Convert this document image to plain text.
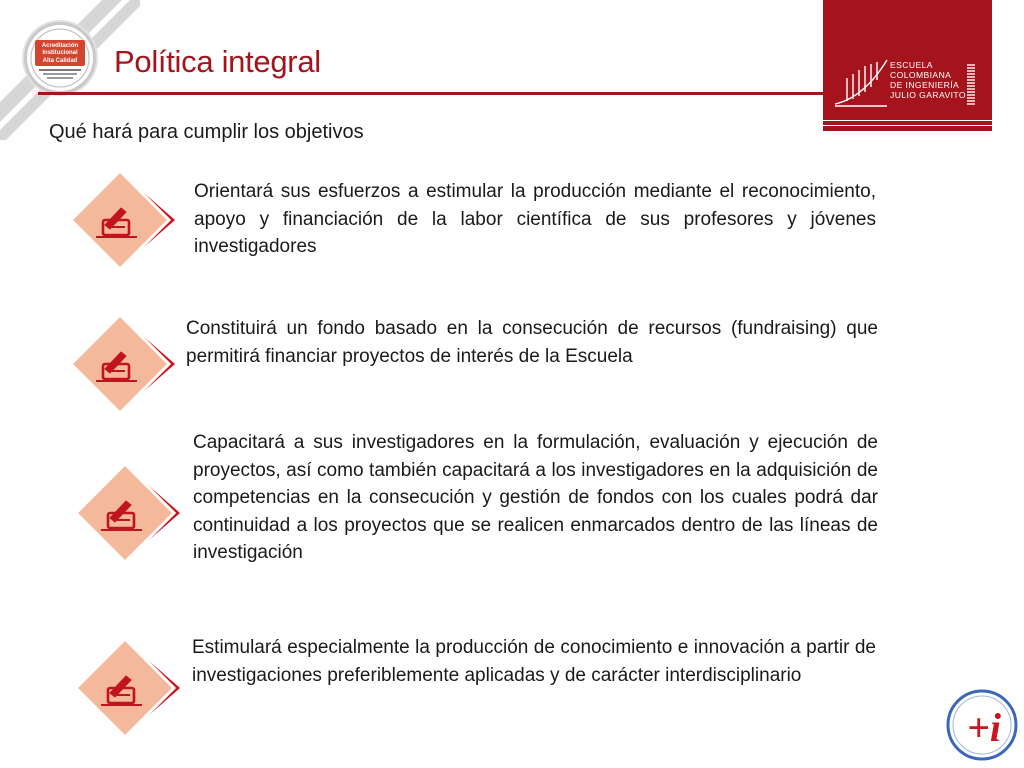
Acreditación
Institucional
Alta Calidad Política integral
Qué hará para cumplir los objetivos
ESCUELA
COLOMBIANA
DE INGENIERÍA
JULIO GARAVITO

Orientará sus esfuerzos a estimular la producción mediante el reconocimiento, apoyo y financiación de la labor científica de sus profesores y jóvenes investigadores

Constituirá un fondo basado en la consecución de recursos (fundraising) que permitirá financiar proyectos de interés de la Escuela

Capacitará a sus investigadores en la formulación, evaluación y ejecución de proyectos, así como también capacitará a los investigadores en la adquisición de competencias en la consecución y gestión de fondos con los cuales podrá dar continuidad a los proyectos que se realicen enmarcados dentro de las líneas de investigación

Estimulará especialmente la producción de conocimiento e innovación a partir de investigaciones preferiblemente aplicadas y de carácter interdisciplinario

+i
